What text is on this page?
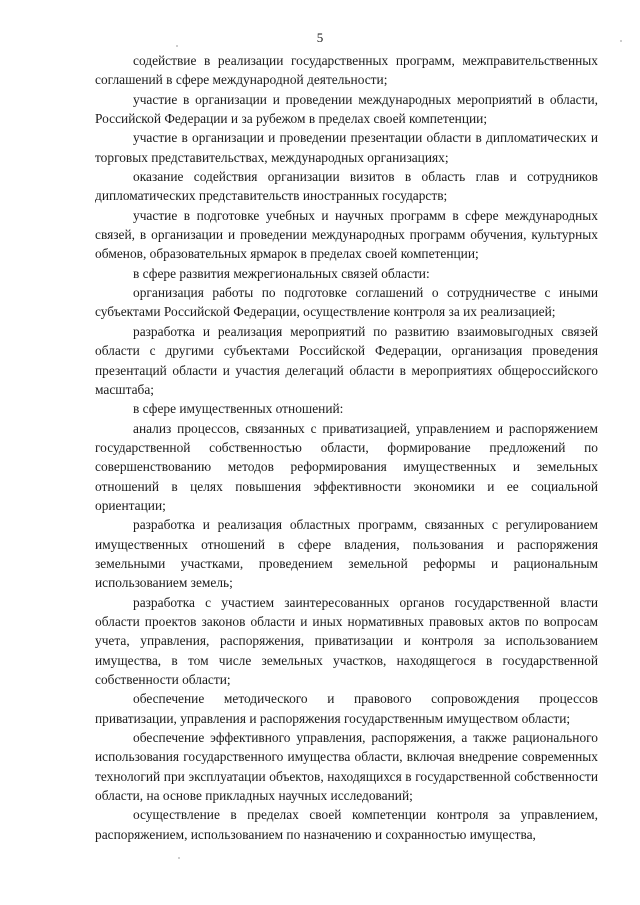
5

содействие в реализации государственных программ, межправительственных соглашений в сфере международной деятельности;

участие в организации и проведении международных мероприятий в области, Российской Федерации и за рубежом в пределах своей компетенции;

участие в организации и проведении презентации области в дипломатических и торговых представительствах, международных организациях;

оказание содействия организации визитов в область глав и сотрудников дипломатических представительств иностранных государств;

участие в подготовке учебных и научных программ в сфере международных связей, в организации и проведении международных программ обучения, культурных обменов, образовательных ярмарок в пределах своей компетенции;

в сфере развития межрегиональных связей области:

организация работы по подготовке соглашений о сотрудничестве с иными субъектами Российской Федерации, осуществление контроля за их реализацией;

разработка и реализация мероприятий по развитию взаимовыгодных связей области с другими субъектами Российской Федерации, организация проведения презентаций области и участия делегаций области в мероприятиях общероссийского масштаба;

в сфере имущественных отношений:

анализ процессов, связанных с приватизацией, управлением и распоряжением государственной собственностью области, формирование предложений по совершенствованию методов реформирования имущественных и земельных отношений в целях повышения эффективности экономики и ее социальной ориентации;

разработка и реализация областных программ, связанных с регулированием имущественных отношений в сфере владения, пользования и распоряжения земельными участками, проведением земельной реформы и рациональным использованием земель;

разработка с участием заинтересованных органов государственной власти области проектов законов области и иных нормативных правовых актов по вопросам учета, управления, распоряжения, приватизации и контроля за использованием имущества, в том числе земельных участков, находящегося в государственной собственности области;

обеспечение методического и правового сопровождения процессов приватизации, управления и распоряжения государственным имуществом области;

обеспечение эффективного управления, распоряжения, а также рационального использования государственного имущества области, включая внедрение современных технологий при эксплуатации объектов, находящихся в государственной собственности области, на основе прикладных научных исследований;

осуществление в пределах своей компетенции контроля за управлением, распоряжением, использованием по назначению и сохранностью имущества,
